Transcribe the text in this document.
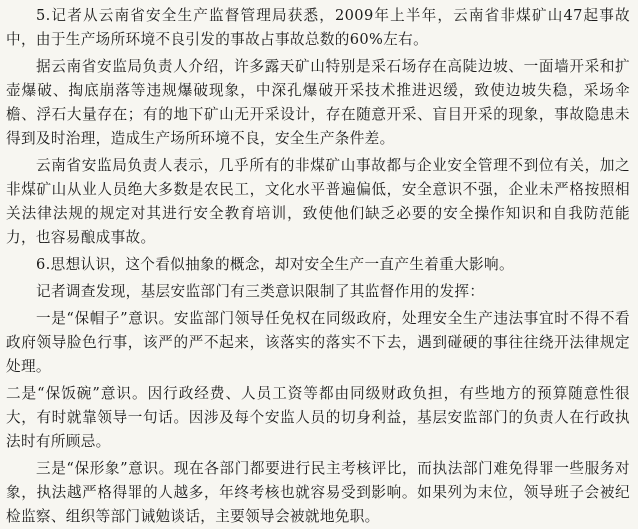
5.记者从云南省安全生产监督管理局获悉，2009年上半年，云南省非煤矿山47起事故中，由于生产场所环境不良引发的事故占事故总数的60%左右。

据云南省安监局负责人介绍，许多露天矿山特别是采石场存在高陡边坡、一面墙开采和扩壶爆破、掏底崩落等违规爆破现象，中深孔爆破开采技术推进迟缓，致使边坡失稳，采场伞檐、浮石大量存在；有的地下矿山无开采设计，存在随意开采、盲目开采的现象，事故隐患未得到及时治理，造成生产场所环境不良，安全生产条件差。

云南省安监局负责人表示，几乎所有的非煤矿山事故都与企业安全管理不到位有关，加之非煤矿山从业人员绝大多数是农民工，文化水平普遍偏低，安全意识不强，企业未严格按照相关法律法规的规定对其进行安全教育培训，致使他们缺乏必要的安全操作知识和自我防范能力，也容易酿成事故。

6.思想认识，这个看似抽象的概念，却对安全生产一直产生着重大影响。

记者调查发现，基层安监部门有三类意识限制了其监督作用的发挥：

一是“保帽子”意识。安监部门领导任免权在同级政府，处理安全生产违法事宜时不得不看政府领导脸色行事，该严的严不起来，该落实的落实不下去，遇到碰硬的事往往绕开法律规定处理。

二是“保饭碗”意识。因行政经费、人员工资等都由同级财政负担，有些地方的预算随意性很大，有时就靠领导一句话。因涉及每个安监人员的切身利益，基层安监部门的负责人在行政执法时有所顾忌。

三是“保形象”意识。现在各部门都要进行民主考核评比，而执法部门难免得罪一些服务对象，执法越严格得罪的人越多，年终考核也就容易受到影响。如果列为末位，领导班子会被纪检监察、组织等部门诫勉谈话，主要领导会被就地免职。
